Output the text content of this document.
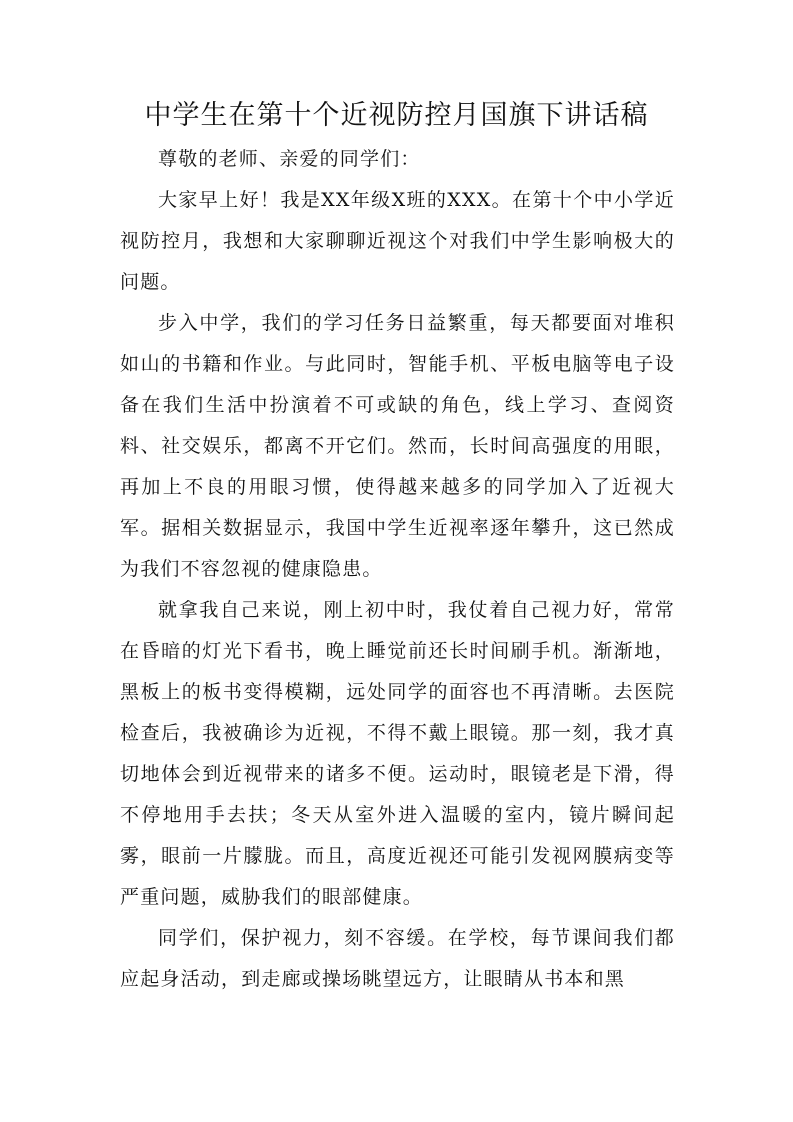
中学生在第十个近视防控月国旗下讲话稿

尊敬的老师、亲爱的同学们：

大家早上好！我是XX年级X班的XXX。在第十个中小学近视防控月，我想和大家聊聊近视这个对我们中学生影响极大的问题。

步入中学，我们的学习任务日益繁重，每天都要面对堆积如山的书籍和作业。与此同时，智能手机、平板电脑等电子设备在我们生活中扮演着不可或缺的角色，线上学习、查阅资料、社交娱乐，都离不开它们。然而，长时间高强度的用眼，再加上不良的用眼习惯，使得越来越多的同学加入了近视大军。据相关数据显示，我国中学生近视率逐年攀升，这已然成为我们不容忽视的健康隐患。

就拿我自己来说，刚上初中时，我仗着自己视力好，常常在昏暗的灯光下看书，晚上睡觉前还长时间刷手机。渐渐地，黑板上的板书变得模糊，远处同学的面容也不再清晰。去医院检查后，我被确诊为近视，不得不戴上眼镜。那一刻，我才真切地体会到近视带来的诸多不便。运动时，眼镜老是下滑，得不停地用手去扶；冬天从室外进入温暖的室内，镜片瞬间起雾，眼前一片朦胧。而且，高度近视还可能引发视网膜病变等严重问题，威胁我们的眼部健康。

同学们，保护视力，刻不容缓。在学校，每节课间我们都应起身活动，到走廊或操场眺望远方，让眼睛从书本和黑
